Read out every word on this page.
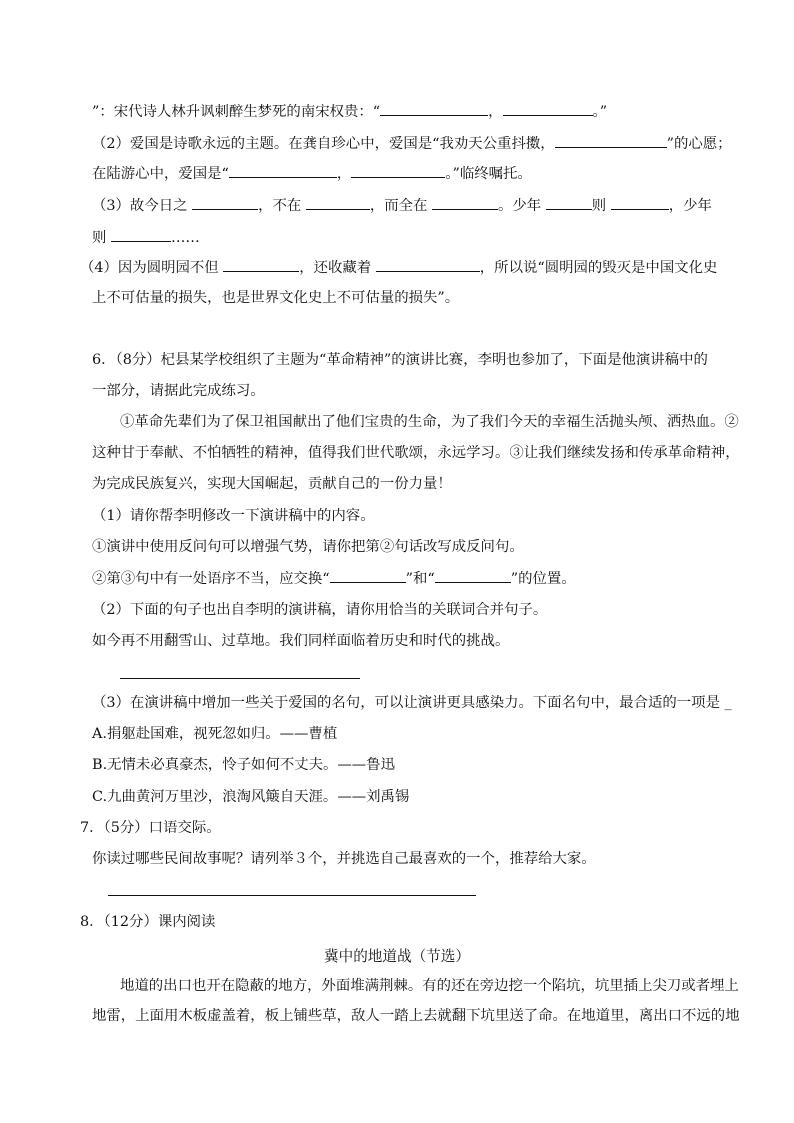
”：宋代诗人林升讽刺醉生梦死的南宋权贵：“	，	。”
（2）爱国是诗歌永远的主题。在龚自珍心中，爱国是“我劝天公重抖擞，	”的心愿；
在陆游心中，爱国是“	，	。”临终嘱托。
（3）故今日之	，不在	，而全在	。少年	则	，少年
则	……
（4）因为圆明园不但	，还收藏着	，所以说“圆明园的毁灭是中国文化史
上不可估量的损失，也是世界文化史上不可估量的损失”。
6．（8分）杞县某学校组织了主题为“革命精神”的演讲比赛，李明也参加了，下面是他演讲稿中的
一部分，请据此完成练习。
①革命先辈们为了保卫祖国献出了他们宝贵的生命，为了我们今天的幸福生活抛头颅、洒热血。②
这种甘于奉献、不怕牺牲的精神，值得我们世代歌颂，永远学习。③让我们继续发扬和传承革命精神，
为完成民族复兴，实现大国崛起，贡献自己的一份力量！
（1）请你帮李明修改一下演讲稿中的内容。
①演讲中使用反问句可以增强气势，请你把第②句话改写成反问句。
②第③句中有一处语序不当，应交换“	”和“	”的位置。
（2）下面的句子也出自李明的演讲稿，请你用恰当的关联词合并句子。
如今再不用翻雪山、过草地。我们同样面临着历史和时代的挑战。
（3）在演讲稿中增加一些关于爱国的名句，可以让演讲更具感染力。下面名句中，最合适的一项是 _
A.捐躯赴国难，视死忽如归。——曹植
B.无情未必真豪杰，怜子如何不丈夫。——鲁迅
C.九曲黄河万里沙，浪淘风簸自天涯。——刘禹锡
7．（5分）口语交际。
你读过哪些民间故事呢？请列举３个，并挑选自己最喜欢的一个，推荐给大家。
8．（12分）课内阅读
冀中的地道战（节选）
地道的出口也开在隐蔽的地方，外面堆满荆棘。有的还在旁边挖一个陷坑，坑里插上尖刀或者埋上
地雷，上面用木板虚盖着，板上铺些草，敌人一踏上去就翻下坑里送了命。在地道里，离出口不远的地
